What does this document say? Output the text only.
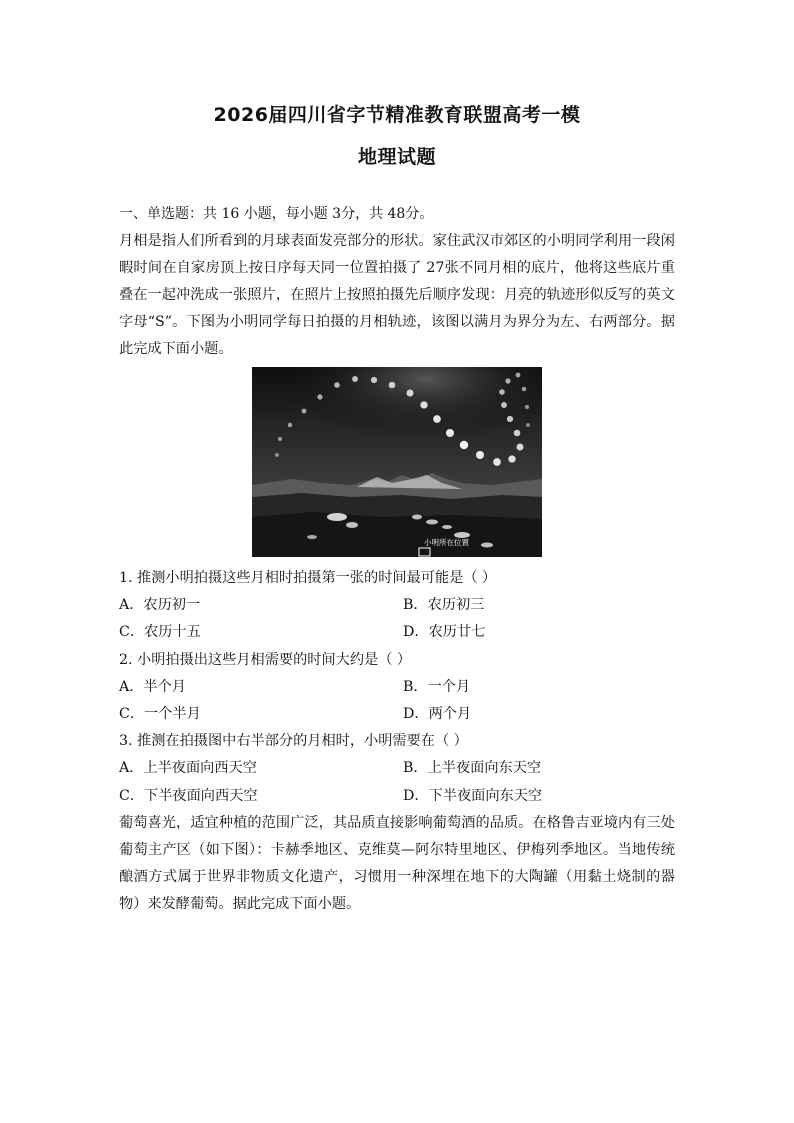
2026届四川省字节精准教育联盟高考一模
地理试题
一、单选题：共 16 小题，每小题 3分，共 48分。
月相是指人们所看到的月球表面发亮部分的形状。家住武汉市郊区的小明同学利用一段闲暇时间在自家房顶上按日序每天同一位置拍摄了 27张不同月相的底片，他将这些底片重叠在一起冲洗成一张照片，在照片上按照拍摄先后顺序发现：月亮的轨迹形似反写的英文字母“S”。下图为小明同学每日拍摄的月相轨迹，该图以满月为界分为左、右两部分。据此完成下面小题。
小明所在位置
1. 推测小明拍摄这些月相时拍摄第一张的时间最可能是（ ）
A．农历初一	B．农历初三
C．农历十五	D．农历廿七
2. 小明拍摄出这些月相需要的时间大约是（ ）
A．半个月	B．一个月
C．一个半月	D．两个月
3. 推测在拍摄图中右半部分的月相时，小明需要在（ ）
A．上半夜面向西天空	B．上半夜面向东天空
C．下半夜面向西天空	D．下半夜面向东天空
葡萄喜光，适宜种植的范围广泛，其品质直接影响葡萄酒的品质。在格鲁吉亚境内有三处葡萄主产区（如下图）：卡赫季地区、克维莫—阿尔特里地区、伊梅列季地区。当地传统酿酒方式属于世界非物质文化遗产，习惯用一种深埋在地下的大陶罐（用黏土烧制的器物）来发酵葡萄。据此完成下面小题。
